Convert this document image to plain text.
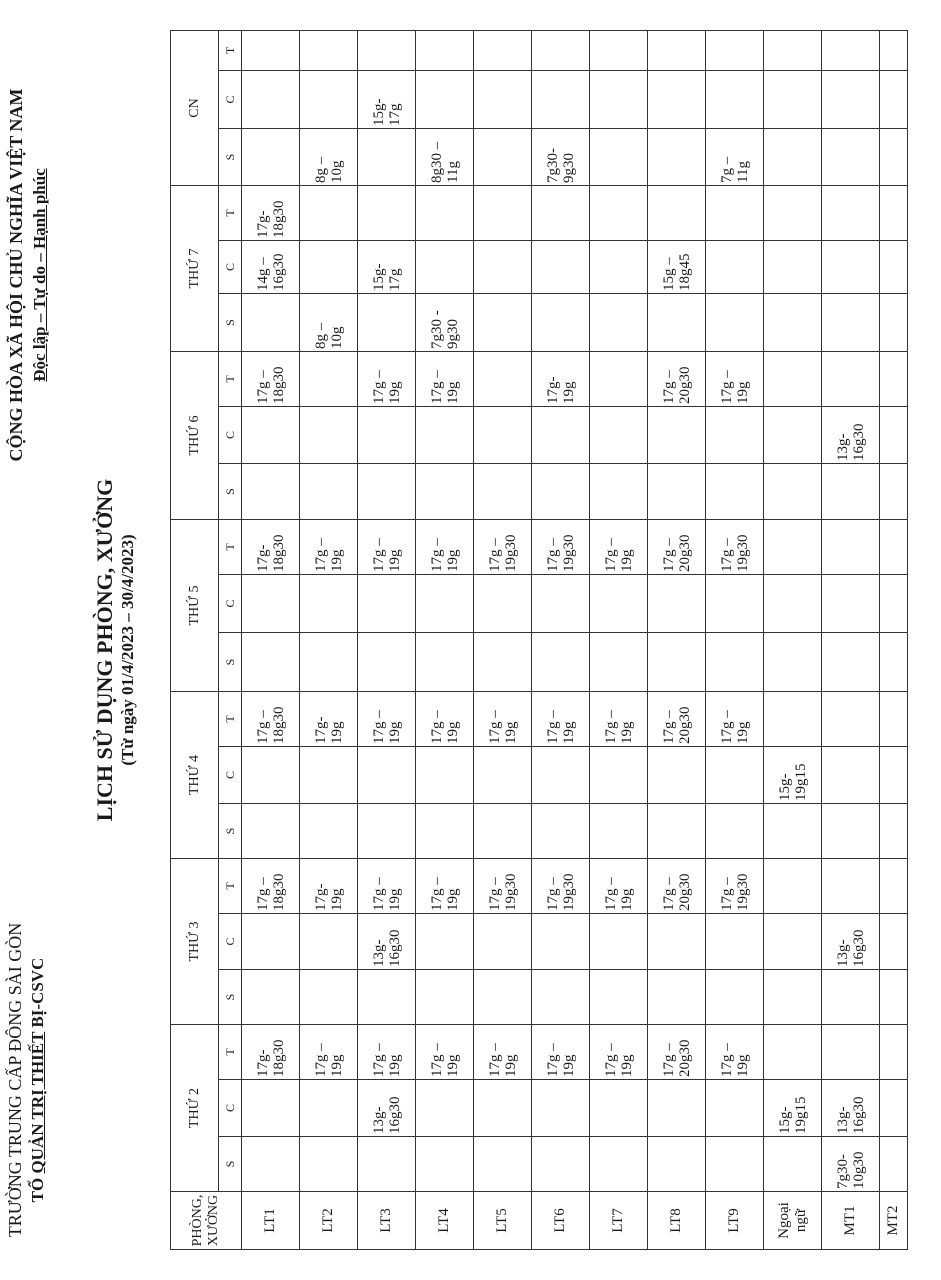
TRƯỜNG TRUNG CẤP ĐÔNG SÀI GÒN TỔ QUẢN TRỊ THIẾT BỊ-CSVC
CỘNG HÒA XÃ HỘI CHỦ NGHĨA VIỆT NAM Độc lập – Tự do – Hạnh phúc
LỊCH SỬ DỤNG PHÒNG, XƯỞNG (Từ ngày 01/4/2023 – 30/4/2023)
PHÒNG, XƯỞNG	THỨ 2			THỨ 3			THỨ 4			THỨ 5			THỨ 6			THỨ 7			CN		
	S	C	T	S	C	T	S	C	T	S	C	T	S	C	T	S	C	T	S	C	T
LT1			17g- 18g30			17g – 18g30			17g – 18g30			17g- 18g30			17g – 18g30		14g – 16g30	17g- 18g30			

LT2			17g – 19g			17g- 19g			17g- 19g			17g – 19g				8g – 10g			8g – 10g		

LT3		13g- 16g30	17g – 19g		13g- 16g30	17g – 19g			17g – 19g			17g – 19g			17g – 19g		15g- 17g			15g- 17g	

LT4			17g – 19g			17g – 19g			17g – 19g			17g – 19g			17g – 19g	7g30 - 9g30			8g30 – 11g		

LT5			17g – 19g			17g – 19g30			17g – 19g			17g – 19g30									

LT6			17g – 19g			17g – 19g30			17g – 19g			17g – 19g30			17g- 19g				7g30- 9g30		

LT7			17g – 19g			17g – 19g			17g – 19g			17g – 19g									

LT8			17g – 20g30			17g – 20g30			17g – 20g30			17g – 20g30			17g – 20g30		15g – 18g45				

LT9			17g – 19g			17g – 19g30			17g – 19g			17g – 19g30			17g – 19g				7g – 11g		

Ngoại ngữ		15g- 19g15						15g- 19g15													

MT1	7g30- 10g30	13g- 16g30			13g- 16g30									13g- 16g30							

MT2																					
